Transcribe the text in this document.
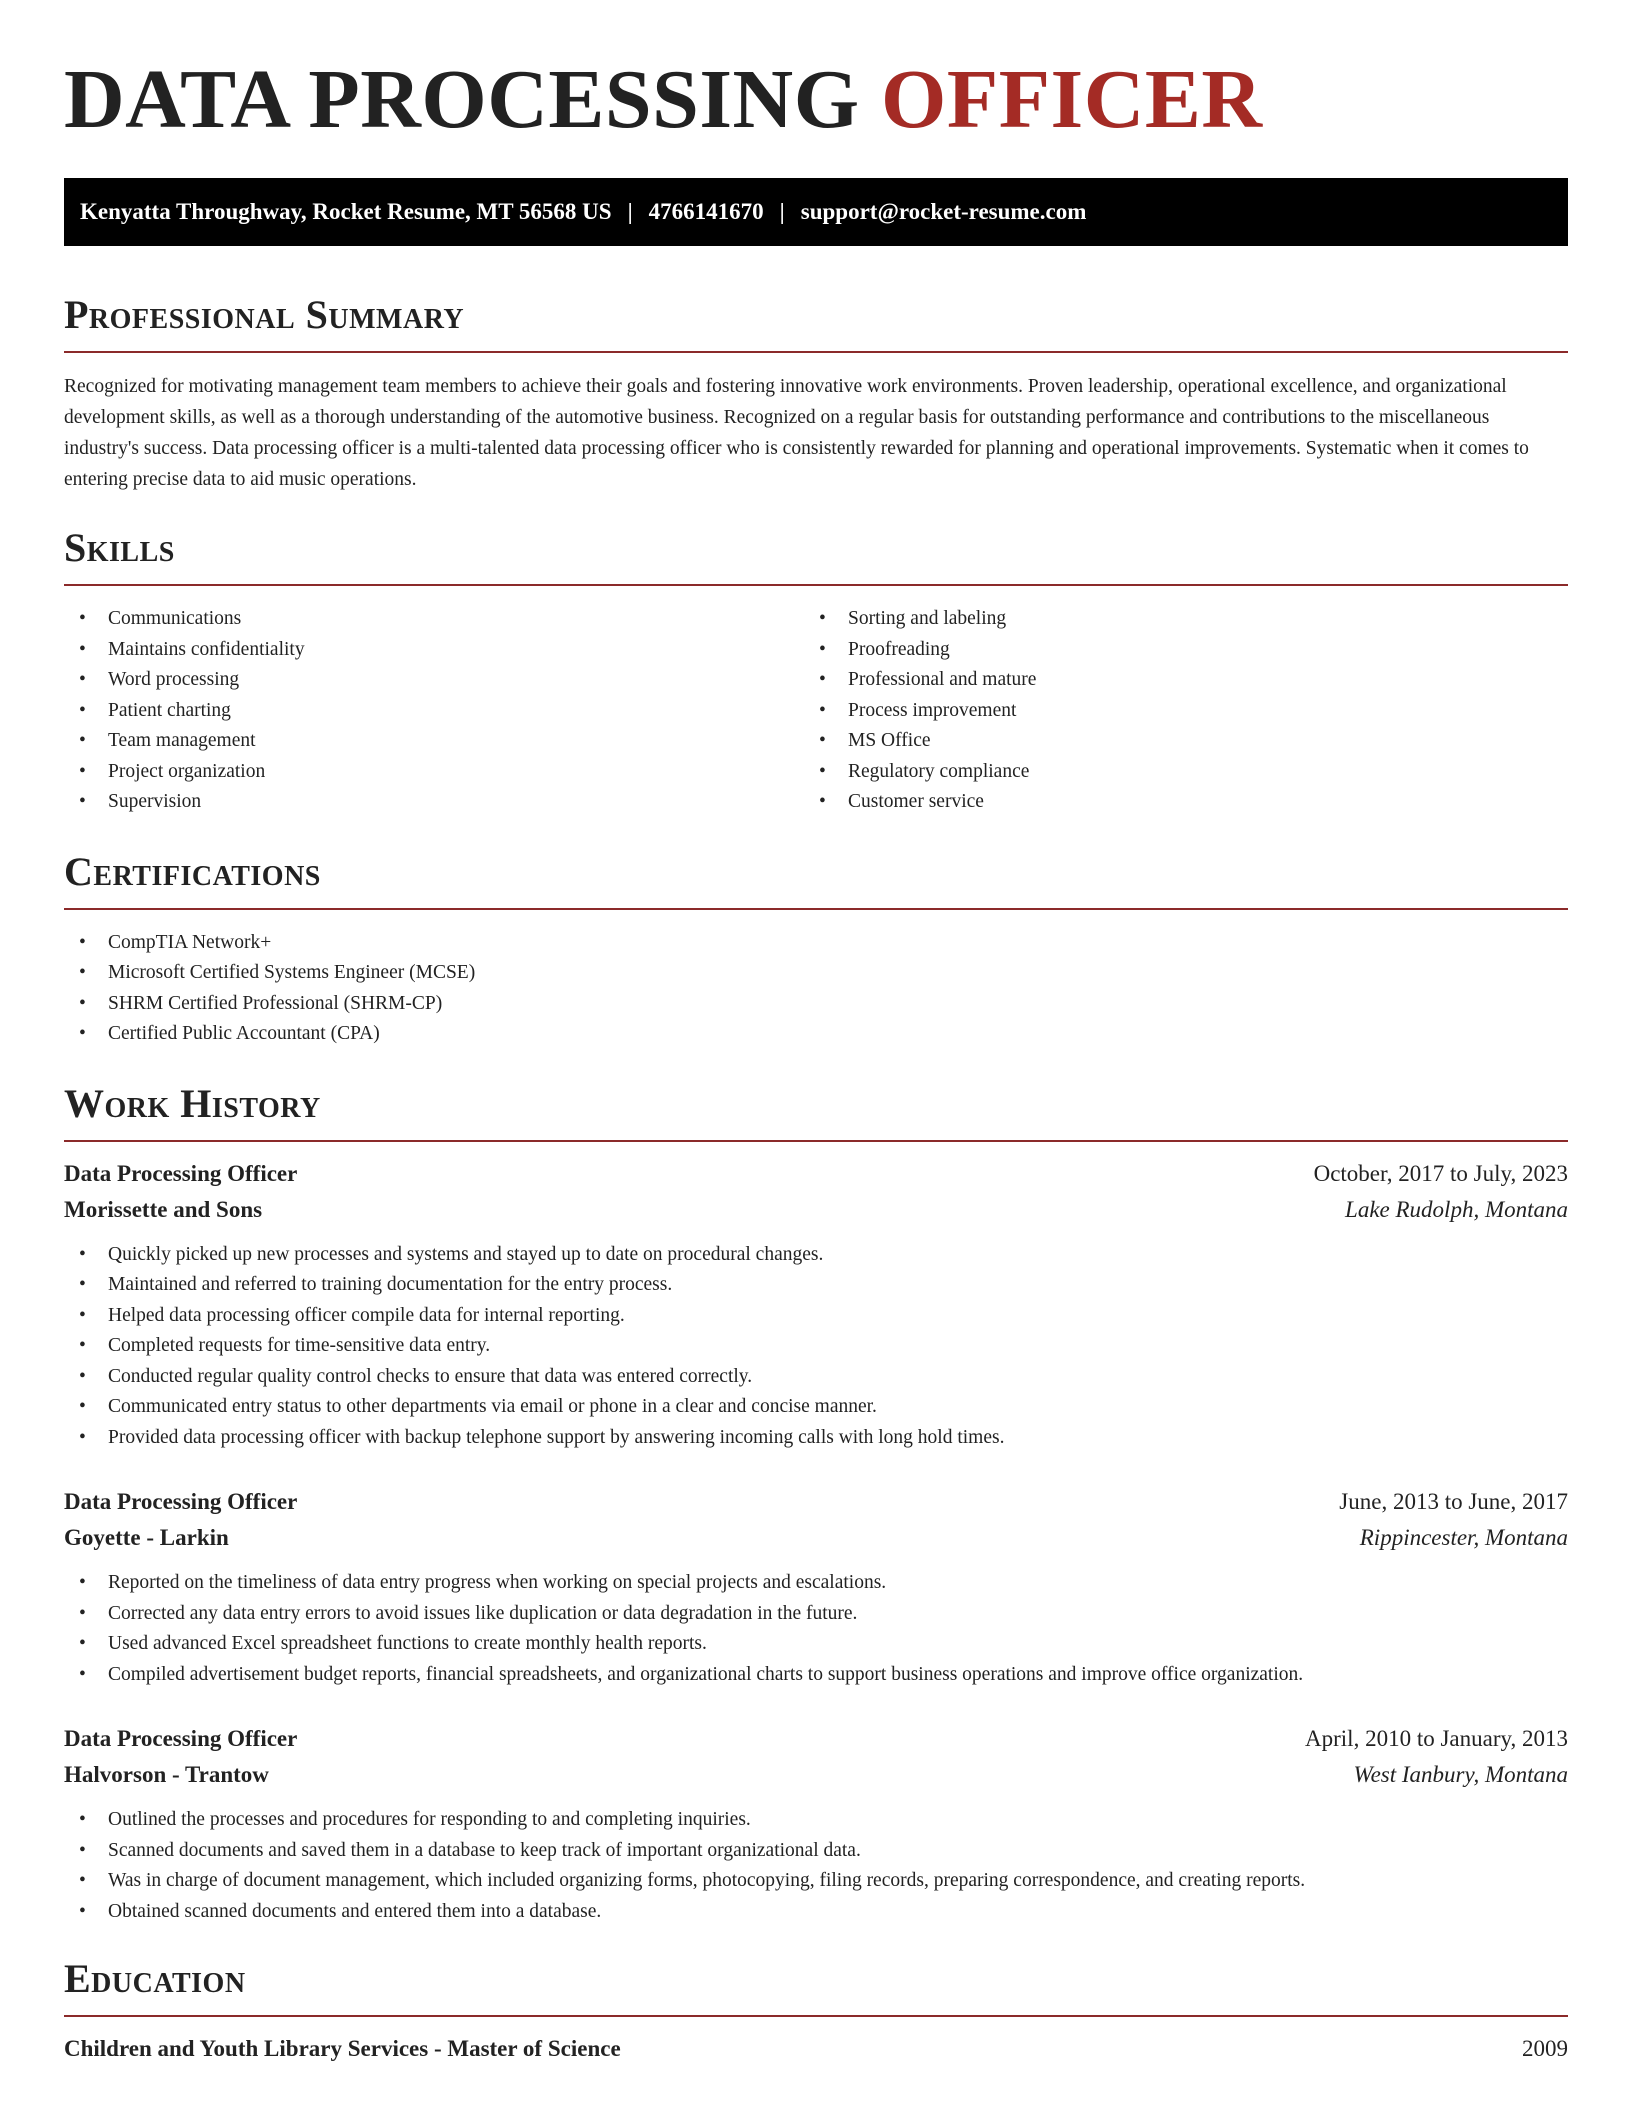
DATA PROCESSING OFFICER
Kenyatta Throughway, Rocket Resume, MT 56568 US | 4766141670 | support@rocket-resume.com
Professional Summary

Recognized for motivating management team members to achieve their goals and fostering innovative work environments. Proven leadership, operational excellence, and organizational development skills, as well as a thorough understanding of the automotive business. Recognized on a regular basis for outstanding performance and contributions to the miscellaneous industry's success. Data processing officer is a multi-talented data processing officer who is consistently rewarded for planning and operational improvements. Systematic when it comes to entering precise data to aid music operations.

Skills
• Communications
• Maintains confidentiality
• Word processing
• Patient charting
• Team management
• Project organization
• Supervision
• Sorting and labeling
• Proofreading
• Professional and mature
• Process improvement
• MS Office
• Regulatory compliance
• Customer service
Certifications
• CompTIA Network+
• Microsoft Certified Systems Engineer (MCSE)
• SHRM Certified Professional (SHRM-CP)
• Certified Public Accountant (CPA)
Work History
Data Processing Officer	October, 2017 to July, 2023
Morissette and Sons	Lake Rudolph, Montana
• Quickly picked up new processes and systems and stayed up to date on procedural changes.
• Maintained and referred to training documentation for the entry process.
• Helped data processing officer compile data for internal reporting.
• Completed requests for time-sensitive data entry.
• Conducted regular quality control checks to ensure that data was entered correctly.
• Communicated entry status to other departments via email or phone in a clear and concise manner.
• Provided data processing officer with backup telephone support by answering incoming calls with long hold times.
Data Processing Officer	June, 2013 to June, 2017
Goyette - Larkin	Rippincester, Montana
• Reported on the timeliness of data entry progress when working on special projects and escalations.
• Corrected any data entry errors to avoid issues like duplication or data degradation in the future.
• Used advanced Excel spreadsheet functions to create monthly health reports.
• Compiled advertisement budget reports, financial spreadsheets, and organizational charts to support business operations and improve office organization.
Data Processing Officer	April, 2010 to January, 2013
Halvorson - Trantow	West Ianbury, Montana
• Outlined the processes and procedures for responding to and completing inquiries.
• Scanned documents and saved them in a database to keep track of important organizational data.
• Was in charge of document management, which included organizing forms, photocopying, filing records, preparing correspondence, and creating reports.
• Obtained scanned documents and entered them into a database.
Education
Children and Youth Library Services - Master of Science	2009
